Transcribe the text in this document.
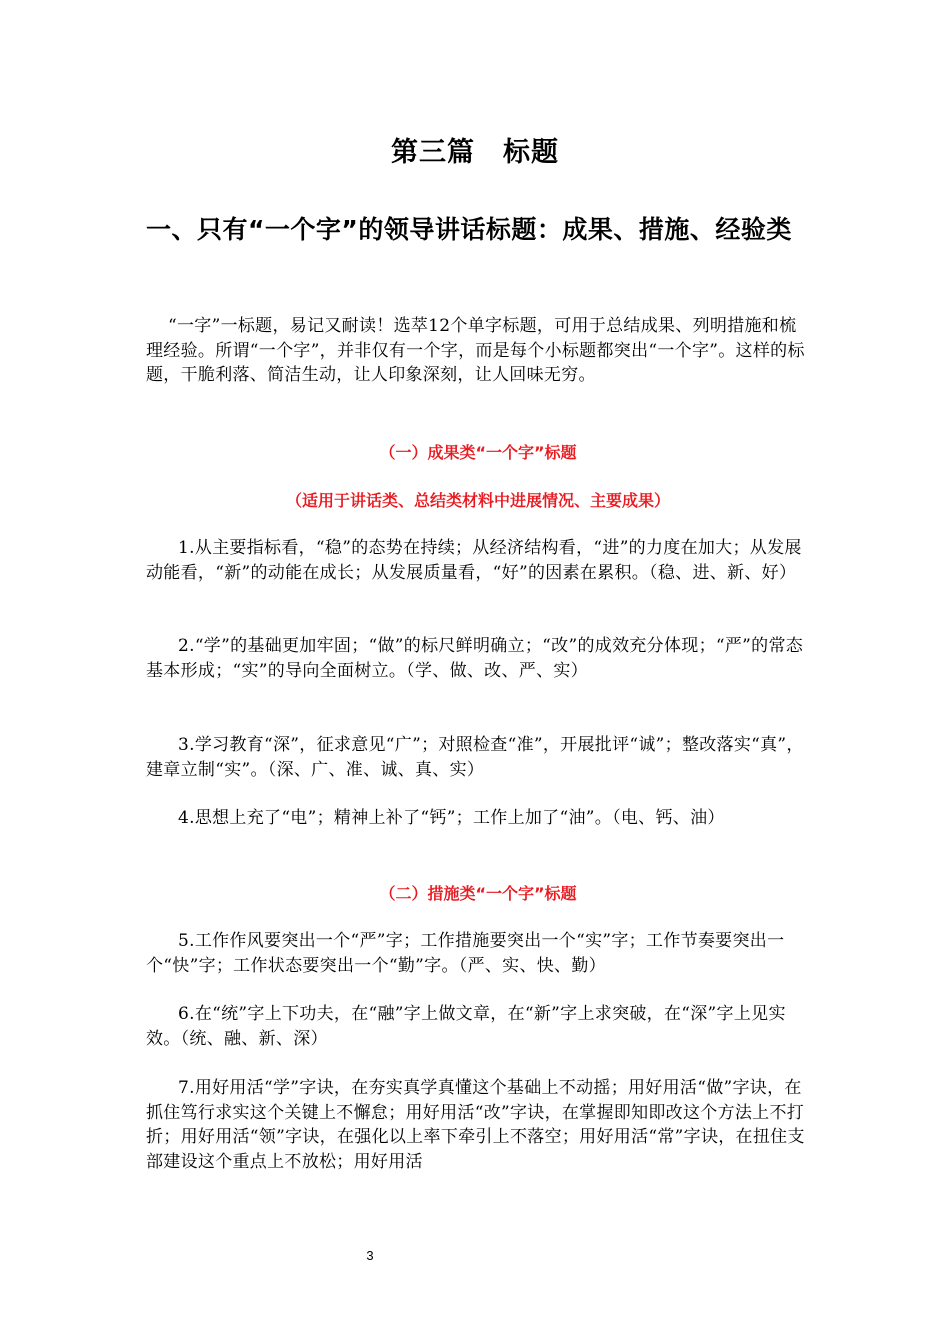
第三篇　标题
一、只有“一个字”的领导讲话标题：成果、措施、经验类
“一字”一标题，易记又耐读！选萃12个单字标题，可用于总结成果、列明措施和梳理经验。所谓“一个字”，并非仅有一个字，而是每个小标题都突出“一个字”。这样的标题，干脆利落、简洁生动，让人印象深刻，让人回味无穷。
（一）成果类“一个字”标题
（适用于讲话类、总结类材料中进展情况、主要成果）
1.从主要指标看，“稳”的态势在持续；从经济结构看，“进”的力度在加大；从发展动能看，“新”的动能在成长；从发展质量看，“好”的因素在累积。（稳、进、新、好）
2.“学”的基础更加牢固；“做”的标尺鲜明确立；“改”的成效充分体现；“严”的常态基本形成；“实”的导向全面树立。（学、做、改、严、实）
3.学习教育“深”，征求意见“广”；对照检查“准”，开展批评“诚”；整改落实“真”，建章立制“实”。（深、广、准、诚、真、实）
4.思想上充了“电”；精神上补了“钙”；工作上加了“油”。（电、钙、油）
（二）措施类“一个字”标题
5.工作作风要突出一个“严”字；工作措施要突出一个“实”字；工作节奏要突出一个“快”字；工作状态要突出一个“勤”字。（严、实、快、勤）
6.在“统”字上下功夫，在“融”字上做文章，在“新”字上求突破，在“深”字上见实效。（统、融、新、深）
7.用好用活“学”字诀，在夯实真学真懂这个基础上不动摇；用好用活“做”字诀，在抓住笃行求实这个关键上不懈怠；用好用活“改”字诀，在掌握即知即改这个方法上不打折；用好用活“领”字诀，在强化以上率下牵引上不落空；用好用活“常”字诀，在扭住支部建设这个重点上不放松；用好用活
3
